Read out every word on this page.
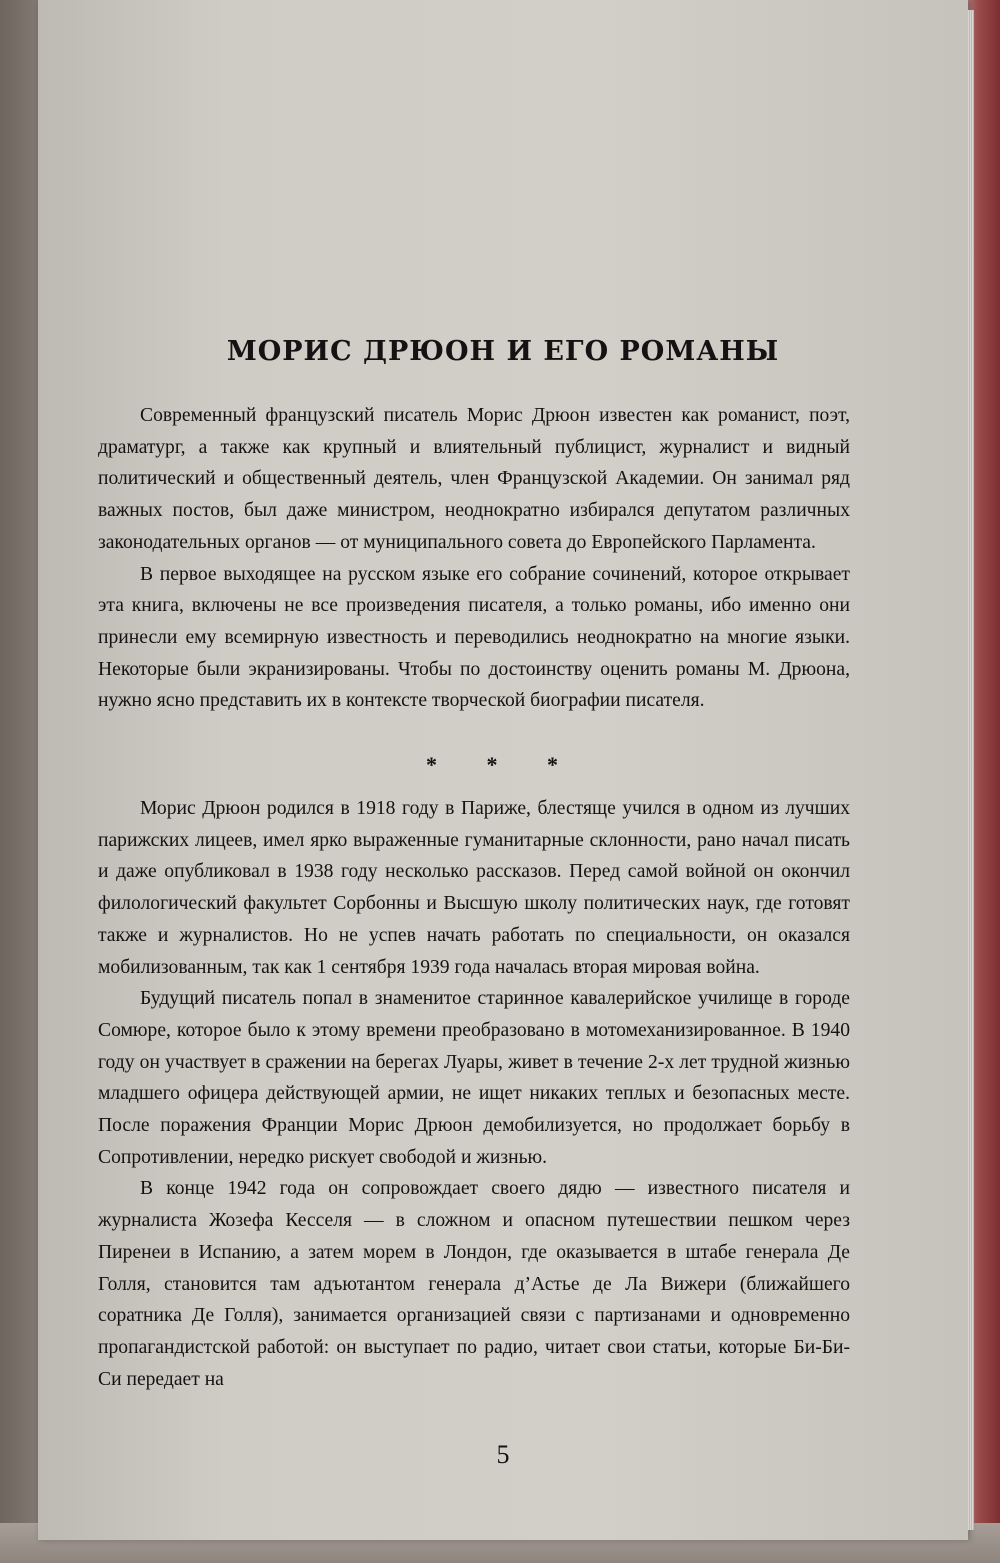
МОРИС ДРЮОН И ЕГО РОМАНЫ

Современный французский писатель Морис Дрюон известен как романист, поэт, драматург, а также как крупный и влиятельный публицист, журналист и видный политический и общественный деятель, член Французской Академии. Он занимал ряд важных постов, был даже министром, неоднократно избирался депутатом различных законодательных органов — от муниципального совета до Европейского Парламента.

В первое выходящее на русском языке его собрание сочинений, которое открывает эта книга, включены не все произведения писателя, а только романы, ибо именно они принесли ему всемирную известность и переводились неоднократно на многие языки. Некоторые были экранизированы. Чтобы по достоинству оценить романы М. Дрюона, нужно ясно представить их в контексте творческой биографии писателя.

* * *

Морис Дрюон родился в 1918 году в Париже, блестяще учился в одном из лучших парижских лицеев, имел ярко выраженные гуманитарные склонности, рано начал писать и даже опубликовал в 1938 году несколько рассказов. Перед самой войной он окончил филологический факультет Сорбонны и Высшую школу политических наук, где готовят также и журналистов. Но не успев начать работать по специальности, он оказался мобилизованным, так как 1 сентября 1939 года началась вторая мировая война.

Будущий писатель попал в знаменитое старинное кавалерийское училище в городе Сомюре, которое было к этому времени преобразовано в мотомеханизированное. В 1940 году он участвует в сражении на берегах Луары, живет в течение 2-х лет трудной жизнью младшего офицера действующей армии, не ищет никаких теплых и безопасных месте. После поражения Франции Морис Дрюон демобилизуется, но продолжает борьбу в Сопротивлении, нередко рискует свободой и жизнью.

В конце 1942 года он сопровождает своего дядю — известного писателя и журналиста Жозефа Кесселя — в сложном и опасном путешествии пешком через Пиренеи в Испанию, а затем морем в Лондон, где оказывается в штабе генерала Де Голля, становится там адъютантом генерала д’Астье де Ла Вижери (ближайшего соратника Де Голля), занимается организацией связи с партизанами и одновременно пропагандистской работой: он выступает по радио, читает свои статьи, которые Би-Би-Си передает на

5
